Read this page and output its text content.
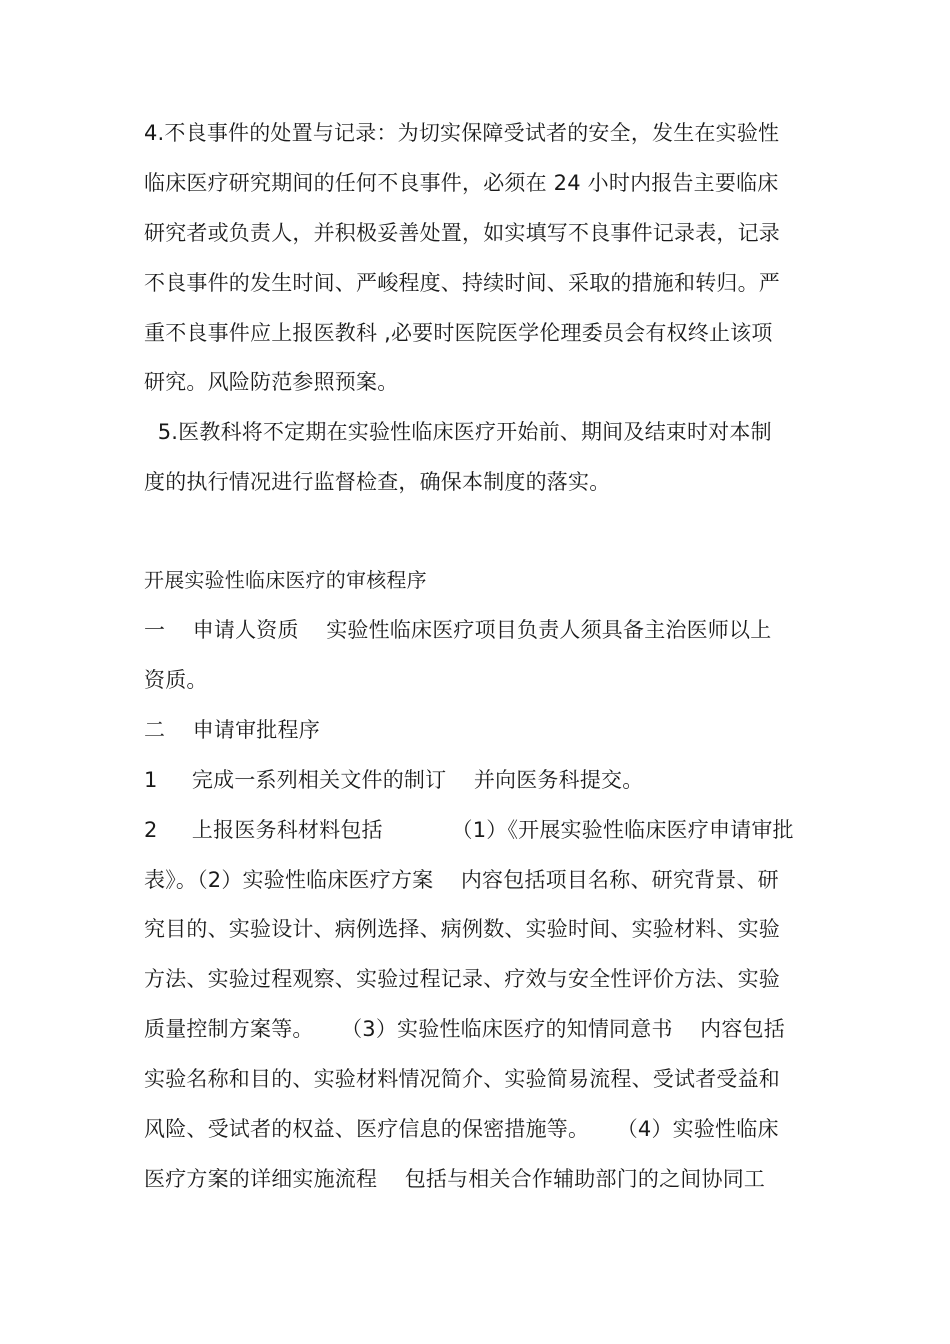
4.不良事件的处置与记录：为切实保障受试者的安全，发生在实验性
临床医疗研究期间的任何不良事件，必须在 24 小时内报告主要临床
研究者或负责人，并积极妥善处置，如实填写不良事件记录表，记录
不良事件的发生时间、严峻程度、持续时间、采取的措施和转归。严
重不良事件应上报医教科 ,必要时医院医学伦理委员会有权终止该项
研究。风险防范参照预案。
5.医教科将不定期在实验性临床医疗开始前、期间及结束时对本制
度的执行情况进行监督检查，确保本制度的落实。
开展实验性临床医疗的审核程序
一    申请人资质    实验性临床医疗项目负责人须具备主治医师以上
资质。
二    申请审批程序
1     完成一系列相关文件的制订    并向医务科提交。
2     上报医务科材料包括          （1）《开展实验性临床医疗申请审批
表》。（2）实验性临床医疗方案    内容包括项目名称、研究背景、研
究目的、实验设计、病例选择、病例数、实验时间、实验材料、实验
方法、实验过程观察、实验过程记录、疗效与安全性评价方法、实验
质量控制方案等。    （3）实验性临床医疗的知情同意书    内容包括
实验名称和目的、实验材料情况简介、实验简易流程、受试者受益和
风险、受试者的权益、医疗信息的保密措施等。    （4）实验性临床
医疗方案的详细实施流程    包括与相关合作辅助部门的之间协同工
